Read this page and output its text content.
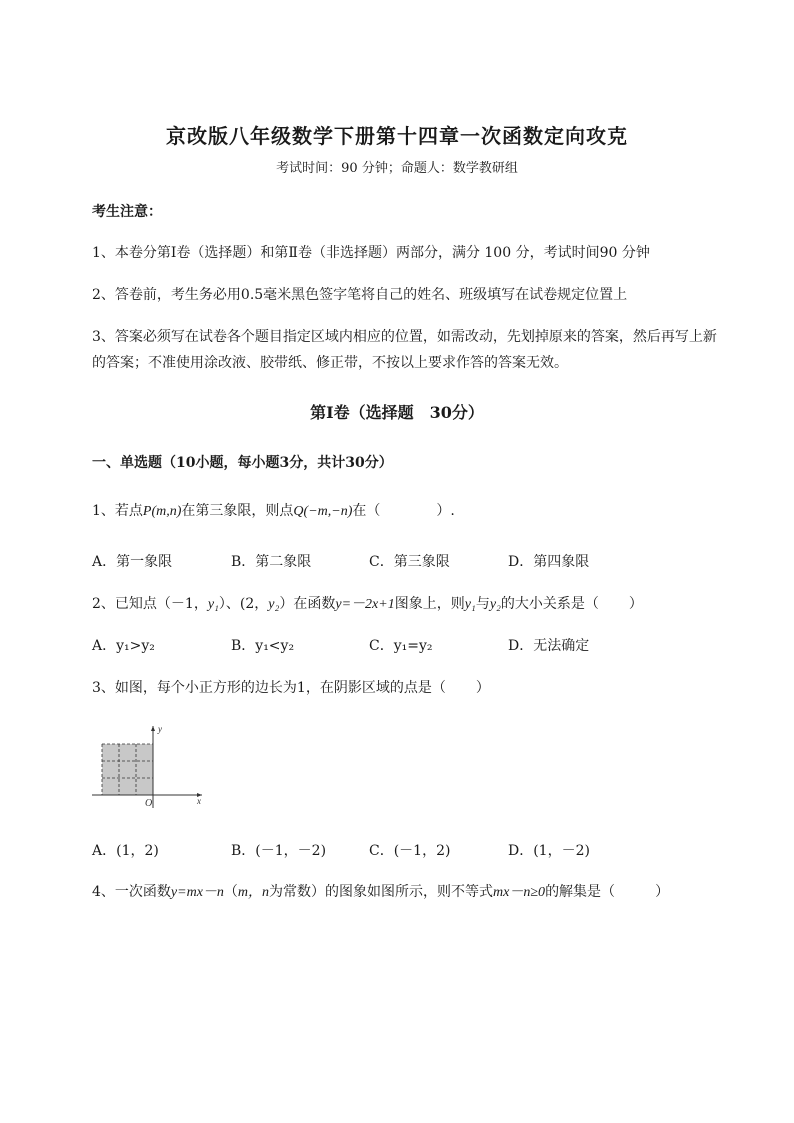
京改版八年级数学下册第十四章一次函数定向攻克
考试时间：90 分钟；命题人：数学教研组
考生注意：
1、本卷分第Ⅰ卷（选择题）和第Ⅱ卷（非选择题）两部分，满分 100 分，考试时间90 分钟
2、答卷前，考生务必用0.5毫米黑色签字笔将自己的姓名、班级填写在试卷规定位置上
3、答案必须写在试卷各个题目指定区域内相应的位置，如需改动，先划掉原来的答案，然后再写上新
的答案；不准使用涂改液、胶带纸、修正带，不按以上要求作答的答案无效。
第Ⅰ卷（选择题　30分）
一、单选题（10小题，每小题3分，共计30分）
1、若点P(m,n)在第三象限，则点Q(−m,−n)在（	）.
A．第一象限	B．第二象限	C．第三象限	D．第四象限
2、已知点（－1，y₁）、(2，y₂）在函数y=－2x+1图象上，则y₁与y₂的大小关系是（ ）
A．y₁>y₂	B．y₁<y₂	C．y₁=y₂	D．无法确定
3、如图，每个小正方形的边长为1，在阴影区域的点是（ ）
y
x
O
A．(1，2)	B．(－1，－2)	C．(－1，2)	D．(1，－2)
4、一次函数y=mx－n（m，n为常数）的图象如图所示，则不等式mx－n≥0的解集是（	）
